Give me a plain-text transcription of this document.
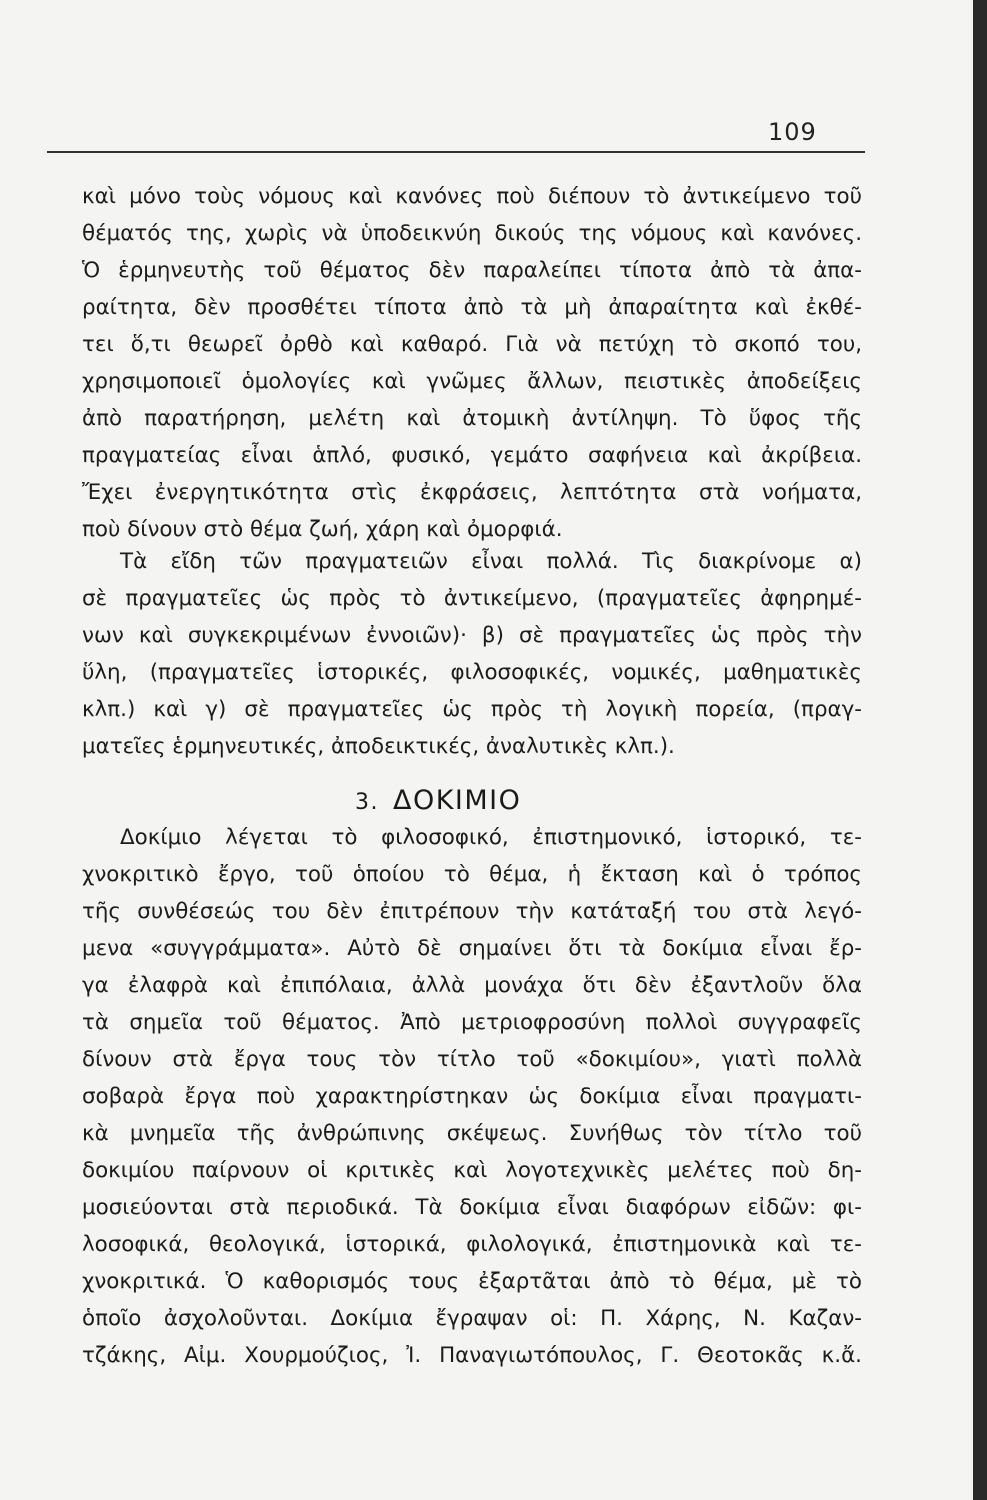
109
καὶ μόνο τοὺς νόμους καὶ κανόνες ποὺ διέπουν τὸ ἀντικείμενο τοῦ
θέματός της, χωρὶς νὰ ὑποδεικνύη δικούς της νόμους καὶ κανόνες.
Ὁ ἑρμηνευτὴς τοῦ θέματος δὲν παραλείπει τίποτα ἀπὸ τὰ ἀπα-
ραίτητα, δὲν προσθέτει τίποτα ἀπὸ τὰ μὴ ἀπαραίτητα καὶ ἐκθέ-
τει ὅ,τι θεωρεῖ ὀρθὸ καὶ καθαρό. Γιὰ νὰ πετύχη τὸ σκοπό του,
χρησιμοποιεῖ ὁμολογίες καὶ γνῶμες ἄλλων, πειστικὲς ἀποδείξεις
ἀπὸ παρατήρηση, μελέτη καὶ ἀτομικὴ ἀντίληψη. Τὸ ὕφος τῆς
πραγματείας εἶναι ἁπλό, φυσικό, γεμάτο σαφήνεια καὶ ἀκρίβεια.
Ἔχει ἐνεργητικότητα στὶς ἐκφράσεις, λεπτότητα στὰ νοήματα,
ποὺ δίνουν στὸ θέμα ζωή, χάρη καὶ ὀμορφιά.
Τὰ εἴδη τῶν πραγματειῶν εἶναι πολλά. Τὶς διακρίνομε α)
σὲ πραγματεῖες ὡς πρὸς τὸ ἀντικείμενο, (πραγματεῖες ἀφηρημέ-
νων καὶ συγκεκριμένων ἐννοιῶν)· β) σὲ πραγματεῖες ὡς πρὸς τὴν
ὕλη, (πραγματεῖες ἱστορικές, φιλοσοφικές, νομικές, μαθηματικὲς
κλπ.) καὶ γ) σὲ πραγματεῖες ὡς πρὸς τὴ λογικὴ πορεία, (πραγ-
ματεῖες ἑρμηνευτικές, ἀποδεικτικές, ἀναλυτικὲς κλπ.).
3. ΔΟΚΙΜΙΟ
Δοκίμιο λέγεται τὸ φιλοσοφικό, ἐπιστημονικό, ἱστορικό, τε-
χνοκριτικὸ ἔργο, τοῦ ὁποίου τὸ θέμα, ἡ ἔκταση καὶ ὁ τρόπος
τῆς συνθέσεώς του δὲν ἐπιτρέπουν τὴν κατάταξή του στὰ λεγό-
μενα «συγγράμματα». Αὐτὸ δὲ σημαίνει ὅτι τὰ δοκίμια εἶναι ἔρ-
γα ἐλαφρὰ καὶ ἐπιπόλαια, ἀλλὰ μονάχα ὅτι δὲν ἐξαντλοῦν ὅλα
τὰ σημεῖα τοῦ θέματος. Ἀπὸ μετριοφροσύνη πολλοὶ συγγραφεῖς
δίνουν στὰ ἔργα τους τὸν τίτλο τοῦ «δοκιμίου», γιατὶ πολλὰ
σοβαρὰ ἔργα ποὺ χαρακτηρίστηκαν ὡς δοκίμια εἶναι πραγματι-
κὰ μνημεῖα τῆς ἀνθρώπινης σκέψεως. Συνήθως τὸν τίτλο τοῦ
δοκιμίου παίρνουν οἱ κριτικὲς καὶ λογοτεχνικὲς μελέτες ποὺ δη-
μοσιεύονται στὰ περιοδικά. Τὰ δοκίμια εἶναι διαφόρων εἰδῶν: φι-
λοσοφικά, θεολογικά, ἱστορικά, φιλολογικά, ἐπιστημονικὰ καὶ τε-
χνοκριτικά. Ὁ καθορισμός τους ἐξαρτᾶται ἀπὸ τὸ θέμα, μὲ τὸ
ὁποῖο ἀσχολοῦνται. Δοκίμια ἔγραψαν οἱ: Π. Χάρης, Ν. Καζαν-
τζάκης, Αἰμ. Χουρμούζιος, Ἰ. Παναγιωτόπουλος, Γ. Θεοτοκᾶς κ.ἄ.
